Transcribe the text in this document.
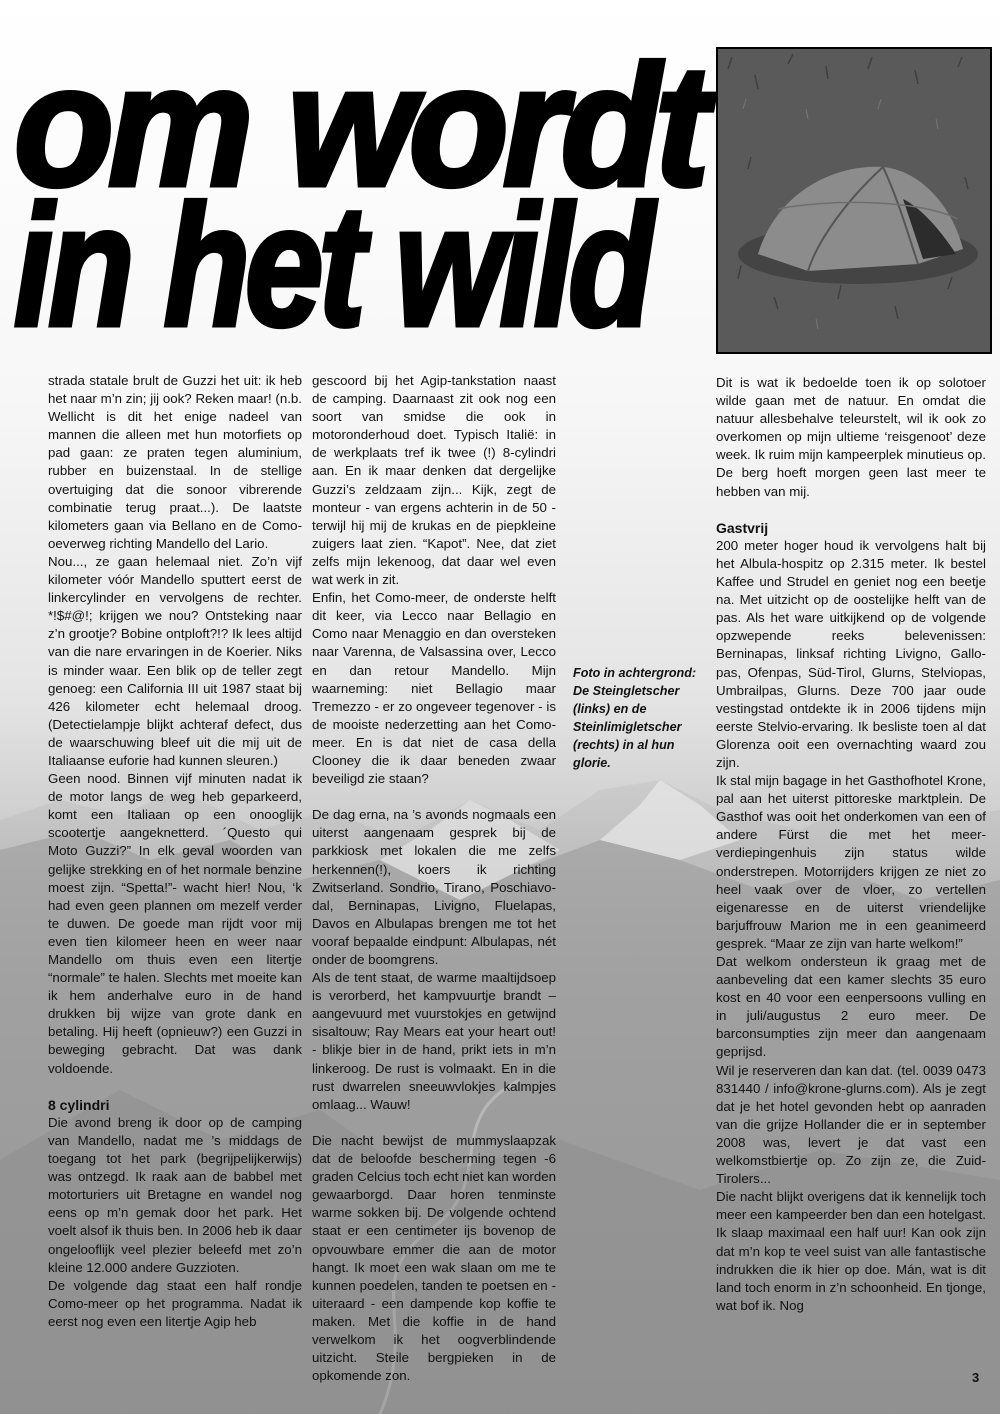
om wordt
in het wild

strada statale brult de Guzzi het uit: ik heb het naar m’n zin; jij ook? Reken maar! (n.b. Wellicht is dit het enige nadeel van mannen die alleen met hun motorfiets op pad gaan: ze praten tegen aluminium, rubber en buizenstaal. In de stellige overtuiging dat die sonoor vibrerende combinatie terug praat...). De laatste kilometers gaan via Bellano en de Como-oeverweg richting Mandello del Lario.

Nou..., ze gaan helemaal niet. Zo’n vijf kilometer vóór Mandello sputtert eerst de linkercylinder en vervolgens de rechter. *!$#@!; krijgen we nou? Ontsteking naar z’n grootje? Bobine ontploft?!? Ik lees altijd van die nare ervaringen in de Koerier. Niks is minder waar. Een blik op de teller zegt genoeg: een California III uit 1987 staat bij 426 kilometer echt helemaal droog. (Detectielampje blijkt achteraf defect, dus de waarschuwing bleef uit die mij uit de Italiaanse euforie had kunnen sleuren.)

Geen nood. Binnen vijf minuten nadat ik de motor langs de weg heb geparkeerd, komt een Italiaan op een onooglijk scootertje aangeknetterd. ´Questo qui Moto Guzzi?” In elk geval woorden van gelijke strekking en of het normale benzine moest zijn. “Spetta!”- wacht hier! Nou, ‘k had even geen plannen om mezelf verder te duwen. De goede man rijdt voor mij even tien kilomeer heen en weer naar Mandello om thuis even een litertje “normale” te halen. Slechts met moeite kan ik hem anderhalve euro in de hand drukken bij wijze van grote dank en betaling. Hij heeft (opnieuw?) een Guzzi in beweging gebracht. Dat was dank voldoende.

8 cylindri

Die avond breng ik door op de camping van Mandello, nadat me ’s middags de toegang tot het park (begrijpelijkerwijs) was ontzegd. Ik raak aan de babbel met motorturiers uit Bretagne en wandel nog eens op m’n gemak door het park. Het voelt alsof ik thuis ben. In 2006 heb ik daar ongelooflijk veel plezier beleefd met zo’n kleine 12.000 andere Guzzioten.

De volgende dag staat een half rondje Como-meer op het programma. Nadat ik eerst nog even een litertje Agip heb

gescoord bij het Agip-tankstation naast de camping. Daarnaast zit ook nog een soort van smidse die ook in motoronderhoud doet. Typisch Italië: in de werkplaats tref ik twee (!) 8-cylindri aan. En ik maar denken dat dergelijke Guzzi’s zeldzaam zijn... Kijk, zegt de monteur - van ergens achterin in de 50 - terwijl hij mij de krukas en de piepkleine zuigers laat zien. “Kapot”. Nee, dat ziet zelfs mijn lekenoog, dat daar wel even wat werk in zit.

Enfin, het Como-meer, de onderste helft dit keer, via Lecco naar Bellagio en Como naar Menaggio en dan oversteken naar Varenna, de Valsassina over, Lecco en dan retour Mandello. Mijn waarneming: niet Bellagio maar Tremezzo - er zo ongeveer tegenover - is de mooiste nederzetting aan het Como-meer. En is dat niet de casa della Clooney die ik daar beneden zwaar beveiligd zie staan?

De dag erna, na ’s avonds nogmaals een uiterst aangenaam gesprek bij de parkkiosk met lokalen die me zelfs herkennen(!), koers ik richting Zwitserland. Sondrio, Tirano, Poschiavo-dal, Berninapas, Livigno, Fluelapas, Davos en Albulapas brengen me tot het vooraf bepaalde eindpunt: Albulapas, nét onder de boomgrens.

Als de tent staat, de warme maaltijdsoep is verorberd, het kampvuurtje brandt – aangevuurd met vuurstokjes en getwijnd sisaltouw; Ray Mears eat your heart out! - blikje bier in de hand, prikt iets in m’n linkeroog. De rust is volmaakt. En in die rust dwarrelen sneeuwvlokjes kalmpjes omlaag... Wauw!

Die nacht bewijst de mummyslaapzak dat de beloofde bescherming tegen -6 graden Celcius toch echt niet kan worden gewaarborgd. Daar horen tenminste warme sokken bij. De volgende ochtend staat er een centimeter ijs bovenop de opvouwbare emmer die aan de motor hangt. Ik moet een wak slaan om me te kunnen poedelen, tanden te poetsen en - uiteraard - een dampende kop koffie te maken. Met die koffie in de hand verwelkom ik het oogverblindende uitzicht. Steile bergpieken in de opkomende zon.

Foto in achtergrond: De Steingletscher (links) en de Steinlimigletscher (rechts) in al hun glorie.

Dit is wat ik bedoelde toen ik op solotoer wilde gaan met de natuur. En omdat die natuur allesbehalve teleurstelt, wil ik ook zo overkomen op mijn ultieme ‘reisgenoot’ deze week. Ik ruim mijn kampeerplek minutieus op. De berg hoeft morgen geen last meer te hebben van mij.

Gastvrij

200 meter hoger houd ik vervolgens halt bij het Albula-hospitz op 2.315 meter. Ik bestel Kaffee und Strudel en geniet nog een beetje na. Met uitzicht op de oostelijke helft van de pas. Als het ware uitkijkend op de volgende opzwepende reeks belevenissen: Berninapas, linksaf richting Livigno, Gallo-pas, Ofenpas, Süd-Tirol, Glurns, Stelviopas, Umbrailpas, Glurns. Deze 700 jaar oude vestingstad ontdekte ik in 2006 tijdens mijn eerste Stelvio-ervaring. Ik besliste toen al dat Glorenza ooit een overnachting waard zou zijn.

Ik stal mijn bagage in het Gasthofhotel Krone, pal aan het uiterst pittoreske marktplein. De Gasthof was ooit het onderkomen van een of andere Fürst die met het meer-verdiepingenhuis zijn status wilde onderstrepen. Motorrijders krijgen ze niet zo heel vaak over de vloer, zo vertellen eigenaresse en de uiterst vriendelijke barjuffrouw Marion me in een geanimeerd gesprek. “Maar ze zijn van harte welkom!”

Dat welkom ondersteun ik graag met de aanbeveling dat een kamer slechts 35 euro kost en 40 voor een eenpersoons vulling en in juli/augustus 2 euro meer. De barconsumpties zijn meer dan aangenaam geprijsd.

Wil je reserveren dan kan dat. (tel. 0039 0473 831440 / info@krone-glurns.com). Als je zegt dat je het hotel gevonden hebt op aanraden van die grijze Hollander die er in september 2008 was, levert je dat vast een welkomstbiertje op. Zo zijn ze, die Zuid-Tirolers...

Die nacht blijkt overigens dat ik kennelijk toch meer een kampeerder ben dan een hotelgast. Ik slaap maximaal een half uur! Kan ook zijn dat m’n kop te veel suist van alle fantastische indrukken die ik hier op doe. Mán, wat is dit land toch enorm in z’n schoonheid. En tjonge, wat bof ik. Nog

3
